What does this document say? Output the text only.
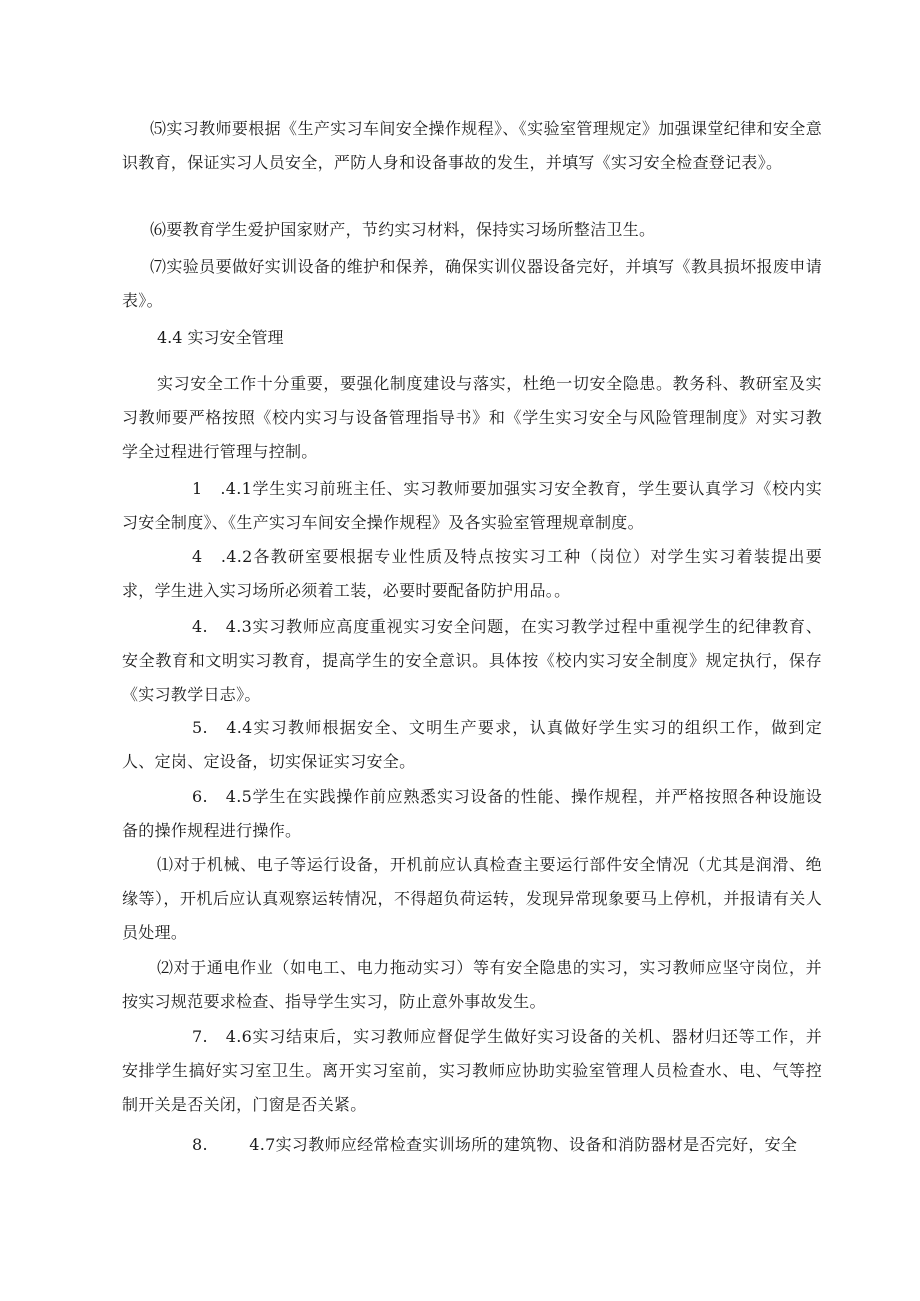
⑸实习教师要根据《生产实习车间安全操作规程》、《实验室管理规定》加强课堂纪律和安全意识教育，保证实习人员安全，严防人身和设备事故的发生，并填写《实习安全检查登记表》。

⑹要教育学生爱护国家财产，节约实习材料，保持实习场所整洁卫生。

⑺实验员要做好实训设备的维护和保养，确保实训仪器设备完好，并填写《教具损坏报废申请表》。

4.4 实习安全管理

实习安全工作十分重要，要强化制度建设与落实，杜绝一切安全隐患。教务科、教研室及实习教师要严格按照《校内实习与设备管理指导书》和《学生实习安全与风险管理制度》对实习教学全过程进行管理与控制。

1 .4.1学生实习前班主任、实习教师要加强实习安全教育，学生要认真学习《校内实习安全制度》、《生产实习车间安全操作规程》及各实验室管理规章制度。

4 .4.2各教研室要根据专业性质及特点按实习工种（岗位）对学生实习着装提出要求，学生进入实习场所必须着工装，必要时要配备防护用品。。

4. 4.3实习教师应高度重视实习安全问题，在实习教学过程中重视学生的纪律教育、安全教育和文明实习教育，提高学生的安全意识。具体按《校内实习安全制度》规定执行，保存《实习教学日志》。

5. 4.4实习教师根据安全、文明生产要求，认真做好学生实习的组织工作，做到定人、定岗、定设备，切实保证实习安全。

6. 4.5学生在实践操作前应熟悉实习设备的性能、操作规程，并严格按照各种设施设备的操作规程进行操作。

⑴对于机械、电子等运行设备，开机前应认真检查主要运行部件安全情况（尤其是润滑、绝缘等），开机后应认真观察运转情况，不得超负荷运转，发现异常现象要马上停机，并报请有关人员处理。

⑵对于通电作业（如电工、电力拖动实习）等有安全隐患的实习，实习教师应坚守岗位，并按实习规范要求检查、指导学生实习，防止意外事故发生。

7. 4.6实习结束后，实习教师应督促学生做好实习设备的关机、器材归还等工作，并安排学生搞好实习室卫生。离开实习室前，实习教师应协助实验室管理人员检查水、电、气等控制开关是否关闭，门窗是否关紧。

8.	4.7实习教师应经常检查实训场所的建筑物、设备和消防器材是否完好，安全
